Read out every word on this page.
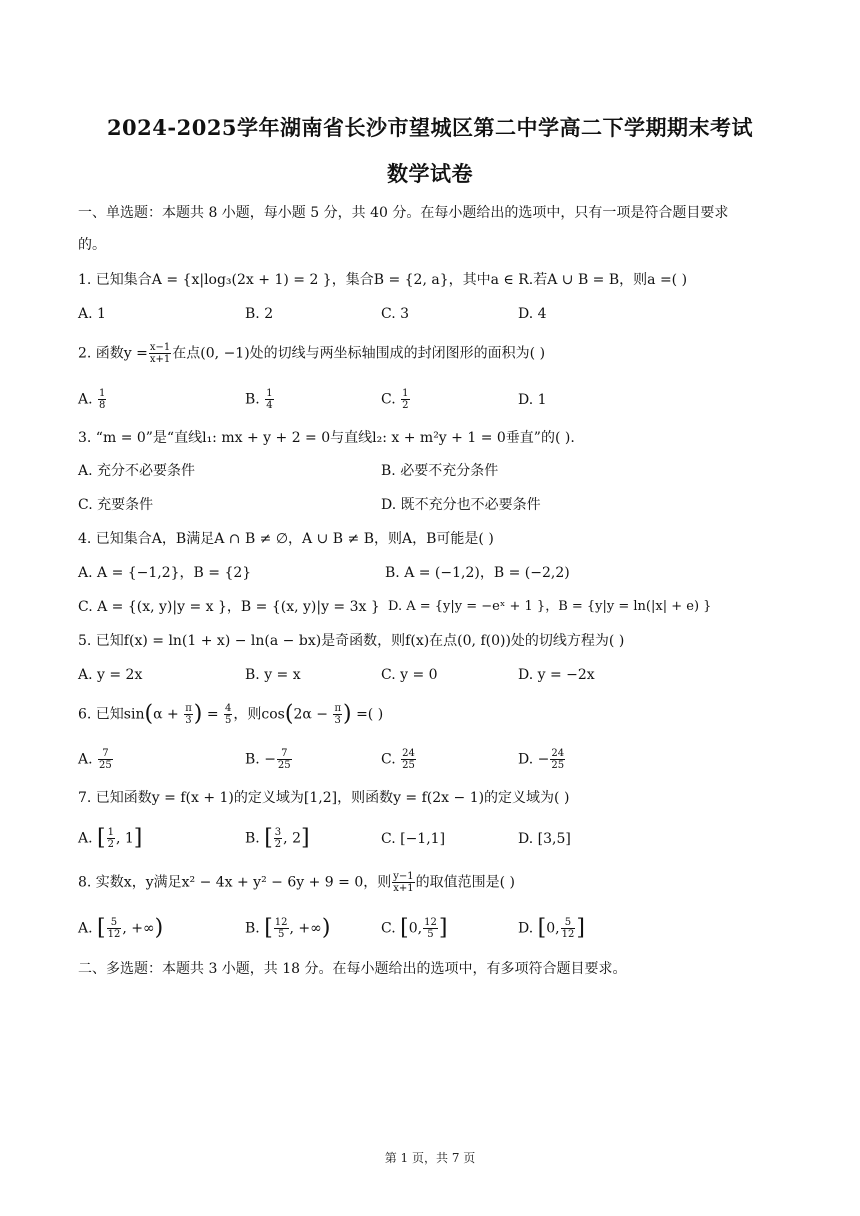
2024-2025学年湖南省长沙市望城区第二中学高二下学期期末考试
数学试卷
一、单选题：本题共 8 小题，每小题 5 分，共 40 分。在每小题给出的选项中，只有一项是符合题目要求
的。
1. 已知集合A = {x|log₃(2x + 1) = 2 }，集合B = {2, a}，其中a ∈ R.若A ∪ B = B，则a =( )
A. 1	B. 2	C. 3	D. 4
2. 函数$y = \frac{x-1}{x+1}$ 在点(0, −1)处的切线与两坐标轴围成的封闭图形的面积为( )
A. $\frac{1}{8}$	B. $\frac{1}{4}$	C. $\frac{1}{2}$	D. 1
3. “m = 0”是“直线l₁: mx + y + 2 = 0与直线l₂: x + m²y + 1 = 0垂直”的( ).
A. 充分不必要条件	B. 必要不充分条件
C. 充要条件	D. 既不充分也不必要条件
4. 已知集合A，B满足A ∩ B ≠ ∅，A ∪ B ≠ B，则A，B可能是( )
A. A = {−1,2}，B = {2}	B. A = (−1,2)，B = (−2,2)
C. A = {(x, y)|y = x }，B = {(x, y)|y = 3x } D. A = {y|y = −eˣ + 1 }，B = {y|y = ln(|x| + e) }
5. 已知f(x) = ln(1 + x) − ln(a − bx)是奇函数，则f(x)在点(0, f(0))处的切线方程为( )
A. y = 2x	B. y = x	C. y = 0	D. y = −2x
6. 已知$\sin(\alpha + \frac{\pi}{3}$ ) = $\frac{4}{5}$ ，则$\cos(2\alpha - \frac{\pi}{3}$ ) =( )
A. $\frac{7}{25}$	B. − $\frac{7}{25}$	C. $\frac{24}{25}$	D. − $\frac{24}{25}$
7. 已知函数y = f(x + 1)的定义域为[1,2]，则函数y = f(2x − 1)的定义域为( )
A. [ $\frac{1}{2}$ , 1]	B. [ $\frac{3}{2}$ , 2]	C. [−1,1]	D. [3,5]
8. 实数x，y满足x² − 4x + y² − 6y + 9 = 0，则 $\frac{y-1}{x+1}$ 的取值范围是( )
A. [ $\frac{5}{12}$ , +∞)	B. [ $\frac{12}{5}$ , +∞)	C. [0, $\frac{12}{5}$ ]	D. [0, $\frac{5}{12}$ ]
二、多选题：本题共 3 小题，共 18 分。在每小题给出的选项中，有多项符合题目要求。
第 1 页，共 7 页
